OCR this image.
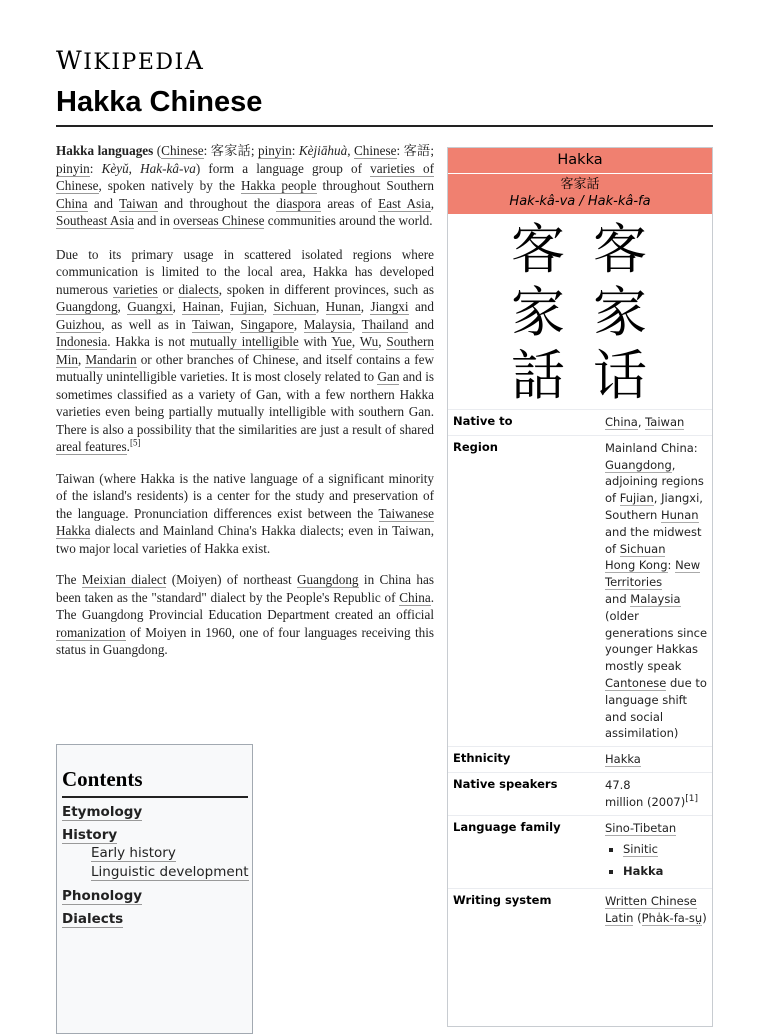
WIKIPEDIA
Hakka Chinese

Hakka languages (Chinese: 客家話; pinyin: Kèjiāhuà, Chinese: 客語; pinyin: Kèyǔ, Hak-kâ-va) form a language group of varieties of Chinese, spoken natively by the Hakka people throughout Southern China and Taiwan and throughout the diaspora areas of East Asia, Southeast Asia and in overseas Chinese communities around the world.

Due to its primary usage in scattered isolated regions where communication is limited to the local area, Hakka has developed numerous varieties or dialects, spoken in different provinces, such as Guangdong, Guangxi, Hainan, Fujian, Sichuan, Hunan, Jiangxi and Guizhou, as well as in Taiwan, Singapore, Malaysia, Thailand and Indonesia. Hakka is not mutually intelligible with Yue, Wu, Southern Min, Mandarin or other branches of Chinese, and itself contains a few mutually unintelligible varieties. It is most closely related to Gan and is sometimes classified as a variety of Gan, with a few northern Hakka varieties even being partially mutually intelligible with southern Gan. There is also a possibility that the similarities are just a result of shared areal features.[5]

Taiwan (where Hakka is the native language of a significant minority of the island's residents) is a center for the study and preservation of the language. Pronunciation differences exist between the Taiwanese Hakka dialects and Mainland China's Hakka dialects; even in Taiwan, two major local varieties of Hakka exist.

The Meixian dialect (Moiyen) of northeast Guangdong in China has been taken as the "standard" dialect by the People's Republic of China. The Guangdong Provincial Education Department created an official romanization of Moiyen in 1960, one of four languages receiving this status in Guangdong.

Contents
Etymology
History
Early history
Linguistic development
Phonology
Dialects
Hakka
客家話
Hak-kâ-va / Hak-kâ-fa
客
家
話
客
家
话
Native to	China, Taiwan
Region	Mainland China: Guangdong, adjoining regions of Fujian, Jiangxi, Southern Hunan and the midwest of Sichuan
Hong Kong: New Territories
and Malaysia
(older generations since younger Hakkas mostly speak Cantonese due to language shift and social assimilation)
Ethnicity	Hakka
Native speakers	47.8
million (2007)[1]
Language family	Sino-Tibetan
▪ Sinitic
▪ Hakka
Writing system	Written Chinese
Latin (Pha̍k-fa-sṳ)
